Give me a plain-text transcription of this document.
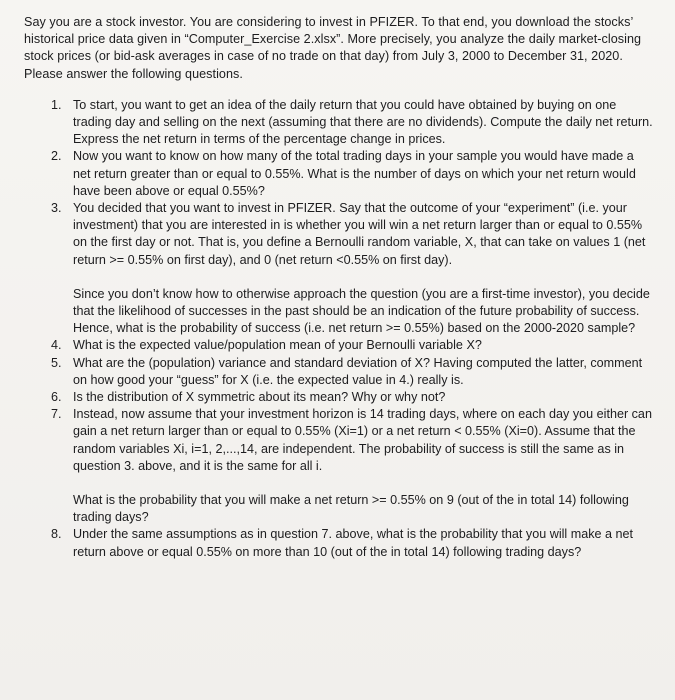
Say you are a stock investor. You are considering to invest in PFIZER. To that end, you download the stocks’ historical price data given in “Computer_Exercise 2.xlsx”. More precisely, you analyze the daily market-closing stock prices (or bid-ask averages in case of no trade on that day) from July 3, 2000 to December 31, 2020. Please answer the following questions.

1. To start, you want to get an idea of the daily return that you could have obtained by buying on one trading day and selling on the next (assuming that there are no dividends). Compute the daily net return. Express the net return in terms of the percentage change in prices.
2. Now you want to know on how many of the total trading days in your sample you would have made a net return greater than or equal to 0.55%. What is the number of days on which your net return would have been above or equal 0.55%?
3. You decided that you want to invest in PFIZER. Say that the outcome of your “experiment” (i.e. your investment) that you are interested in is whether you will win a net return larger than or equal to 0.55% on the first day or not. That is, you define a Bernoulli random variable, X, that can take on values 1 (net return >= 0.55% on first day), and 0 (net return <0.55% on first day).

Since you don’t know how to otherwise approach the question (you are a first-time investor), you decide that the likelihood of successes in the past should be an indication of the future probability of success. Hence, what is the probability of success (i.e. net return >= 0.55%) based on the 2000-2020 sample?

4. What is the expected value/population mean of your Bernoulli variable X?
5. What are the (population) variance and standard deviation of X? Having computed the latter, comment on how good your “guess” for X (i.e. the expected value in 4.) really is.
6. Is the distribution of X symmetric about its mean? Why or why not?
7. Instead, now assume that your investment horizon is 14 trading days, where on each day you either can gain a net return larger than or equal to 0.55% (Xi=1) or a net return < 0.55% (Xi=0). Assume that the random variables Xi, i=1, 2,...,14, are independent. The probability of success is still the same as in question 3. above, and it is the same for all i.

What is the probability that you will make a net return >= 0.55% on 9 (out of the in total 14) following trading days?

8. Under the same assumptions as in question 7. above, what is the probability that you will make a net return above or equal 0.55% on more than 10 (out of the in total 14) following trading days?
